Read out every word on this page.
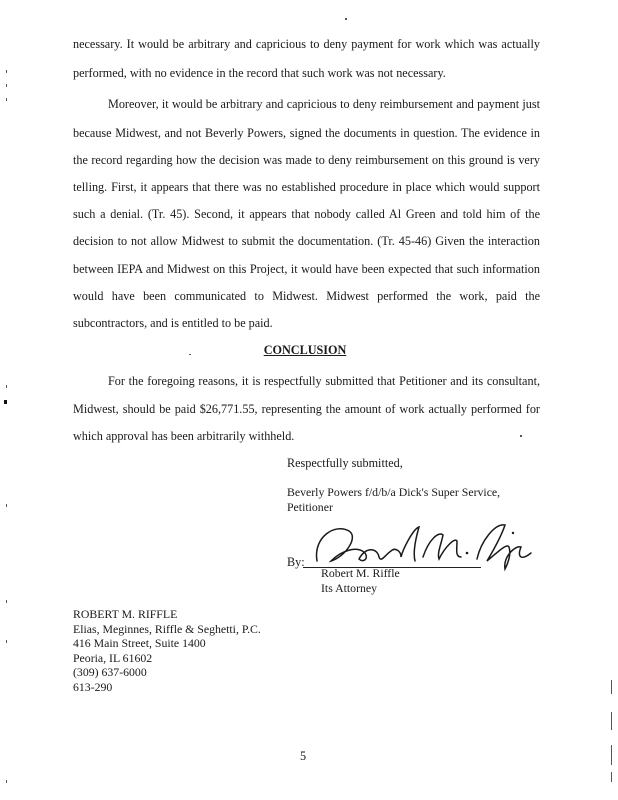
necessary. It would be arbitrary and capricious to deny payment for work which was actually
performed, with no evidence in the record that such work was not necessary.
Moreover, it would be arbitrary and capricious to deny reimbursement and payment just
because Midwest, and not Beverly Powers, signed the documents in question. The evidence in
the record regarding how the decision was made to deny reimbursement on this ground is very
telling. First, it appears that there was no established procedure in place which would support
such a denial. (Tr. 45). Second, it appears that nobody called Al Green and told him of the
decision to not allow Midwest to submit the documentation. (Tr. 45-46) Given the interaction
between IEPA and Midwest on this Project, it would have been expected that such information
would have been communicated to Midwest. Midwest performed the work, paid the
subcontractors, and is entitled to be paid.
CONCLUSION
For the foregoing reasons, it is respectfully submitted that Petitioner and its consultant,
Midwest, should be paid $26,771.55, representing the amount of work actually performed for
which approval has been arbitrarily withheld.
Respectfully submitted,
Beverly Powers f/d/b/a Dick's Super Service,
Petitioner
By:
Robert M. Riffle
Its Attorney
ROBERT M. RIFFLE
Elias, Meginnes, Riffle & Seghetti, P.C.
416 Main Street, Suite 1400
Peoria, IL 61602
(309) 637-6000
613-290
5
